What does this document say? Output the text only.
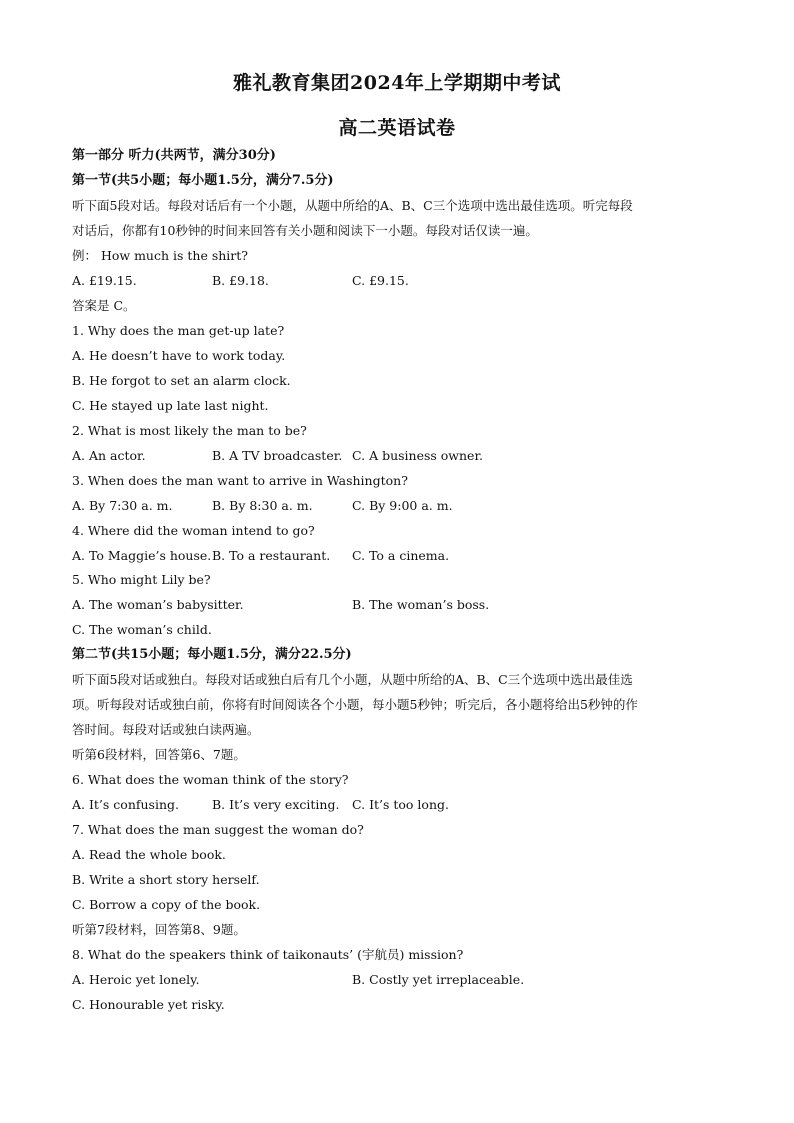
雅礼教育集团2024年上学期期中考试
高二英语试卷
第一部分 听力(共两节，满分30分)
第一节(共5小题；每小题1.5分，满分7.5分)
听下面5段对话。每段对话后有一个小题，从题中所给的A、B、C三个选项中选出最佳选项。听完每段
对话后，你都有10秒钟的时间来回答有关小题和阅读下一小题。每段对话仅读一遍。
例： How much is the shirt?
A. £19.15.	B. £9.18.	C. £9.15.
答案是 C。
1. Why does the man get-up late?
A. He doesn’t have to work today.
B. He forgot to set an alarm clock.
C. He stayed up late last night.
2. What is most likely the man to be?
A. An actor.	B. A TV broadcaster. C. A business owner.
3. When does the man want to arrive in Washington?
A. By 7:30 a. m.	B. By 8:30 a. m.	C. By 9:00 a. m.
4. Where did the woman intend to go?
A. To Maggie’s house. B. To a restaurant. C. To a cinema.
5. Who might Lily be?
A. The woman’s babysitter.	B. The woman’s boss.
C. The woman’s child.
第二节(共15小题；每小题1.5分，满分22.5分)
听下面5段对话或独白。每段对话或独白后有几个小题，从题中所给的A、B、C三个选项中选出最佳选
项。听每段对话或独白前，你将有时间阅读各个小题，每小题5秒钟；听完后，各小题将给出5秒钟的作
答时间。每段对话或独白读两遍。
听第6段材料，回答第6、7题。
6. What does the woman think of the story?
A. It’s confusing.	B. It’s very exciting. C. It’s too long.
7. What does the man suggest the woman do?
A. Read the whole book.
B. Write a short story herself.
C. Borrow a copy of the book.
听第7段材料，回答第8、9题。
8. What do the speakers think of taikonauts’ (宇航员) mission?
A. Heroic yet lonely.	B. Costly yet irreplaceable.
C. Honourable yet risky.
